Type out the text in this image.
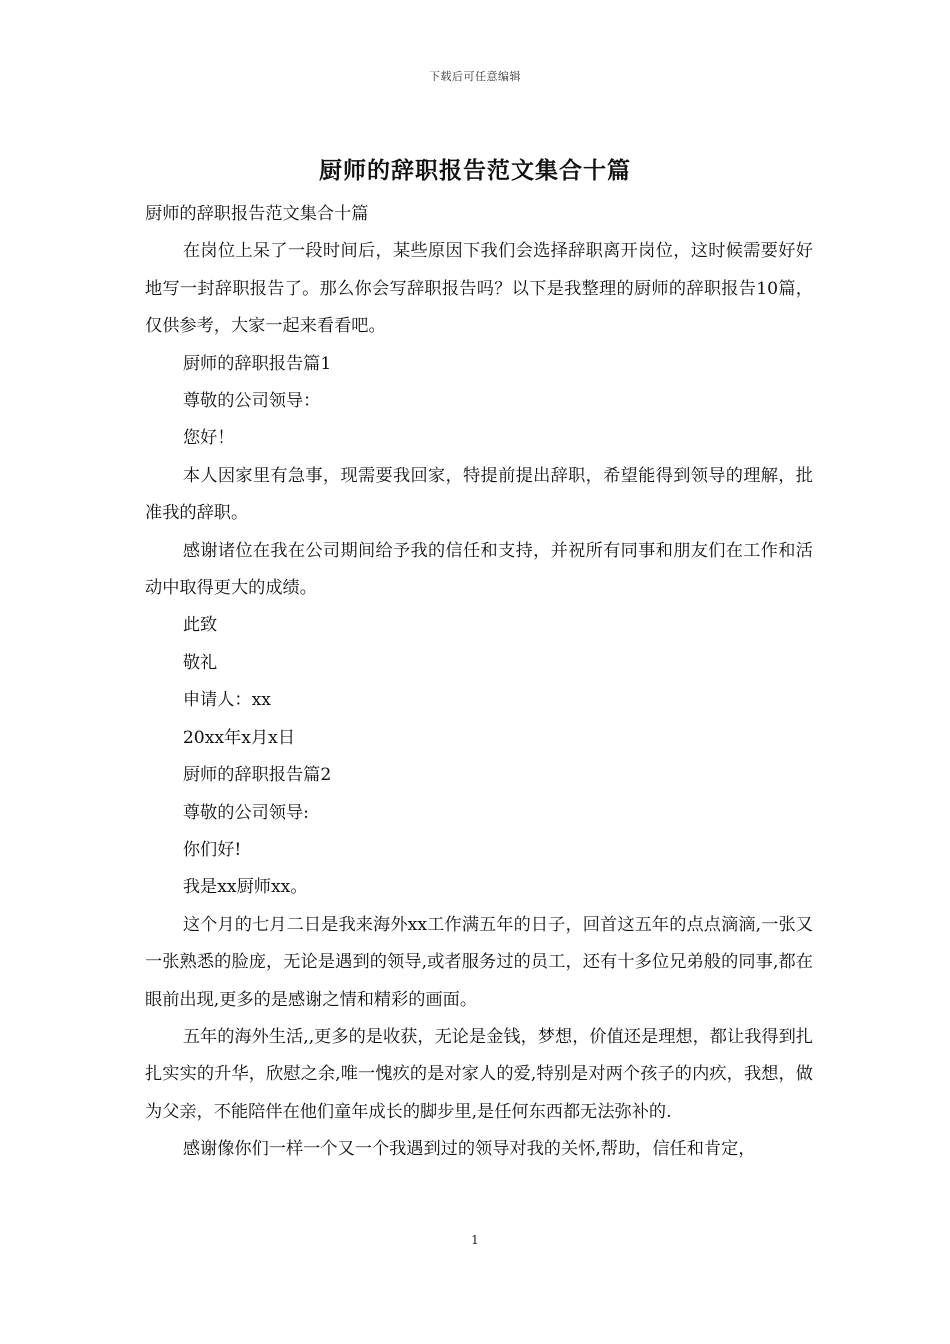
下载后可任意编辑
厨师的辞职报告范文集合十篇

厨师的辞职报告范文集合十篇

在岗位上呆了一段时间后，某些原因下我们会选择辞职离开岗位，这时候需要好好地写一封辞职报告了。那么你会写辞职报告吗？以下是我整理的厨师的辞职报告10篇，仅供参考，大家一起来看看吧。

厨师的辞职报告篇1

尊敬的公司领导：

您好！

本人因家里有急事，现需要我回家，特提前提出辞职，希望能得到领导的理解，批准我的辞职。

感谢诸位在我在公司期间给予我的信任和支持，并祝所有同事和朋友们在工作和活动中取得更大的成绩。

此致

敬礼

申请人：xx

20xx年x月x日

厨师的辞职报告篇2

尊敬的公司领导:

你们好!

我是xx厨师xx。

这个月的七月二日是我来海外xx工作满五年的日子，回首这五年的点点滴滴,一张又一张熟悉的脸庞，无论是遇到的领导,或者服务过的员工，还有十多位兄弟般的同事,都在眼前出现,更多的是感谢之情和精彩的画面。

五年的海外生活,,更多的是收获，无论是金钱，梦想，价值还是理想，都让我得到扎扎实实的升华，欣慰之余,唯一愧疚的是对家人的爱,特别是对两个孩子的内疚，我想，做为父亲，不能陪伴在他们童年成长的脚步里,是任何东西都无法弥补的.

感谢像你们一样一个又一个我遇到过的领导对我的关怀,帮助，信任和肯定，

1
